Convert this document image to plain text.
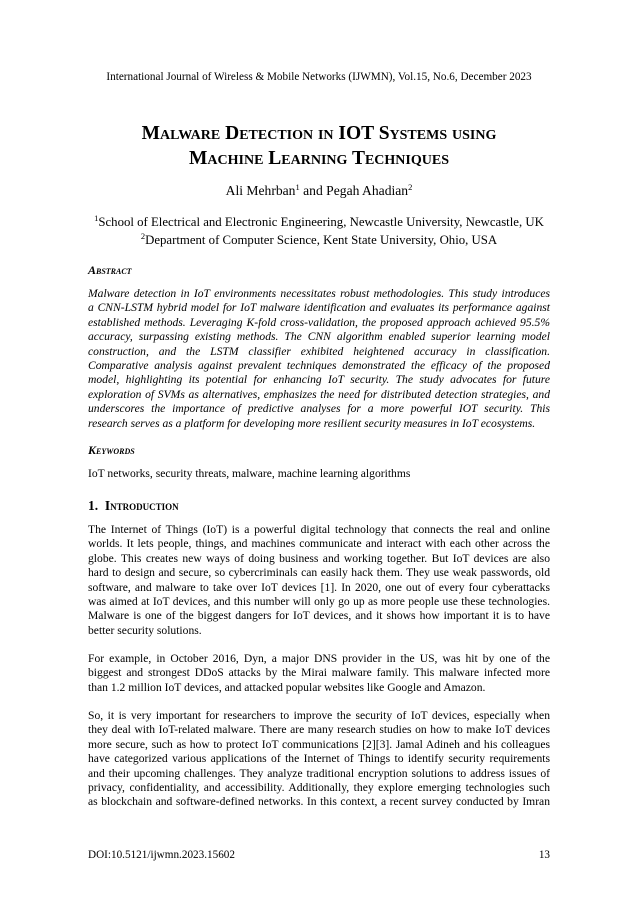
International Journal of Wireless & Mobile Networks (IJWMN), Vol.15, No.6, December 2023
Malware Detection in IOT Systems using
Machine Learning Techniques
Ali Mehrban$^1$ and Pegah Ahadian$^2$
$^1$School of Electrical and Electronic Engineering, Newcastle University, Newcastle, UK
$^2$Department of Computer Science, Kent State University, Ohio, USA
Abstract
Malware detection in IoT environments necessitates robust methodologies. This study introduces
a CNN-LSTM hybrid model for IoT malware identification and evaluates its performance against
established methods. Leveraging K-fold cross-validation, the proposed approach achieved 95.5%
accuracy, surpassing existing methods. The CNN algorithm enabled superior learning model
construction, and the LSTM classifier exhibited heightened accuracy in classification.
Comparative analysis against prevalent techniques demonstrated the efficacy of the proposed
model, highlighting its potential for enhancing IoT security. The study advocates for future
exploration of SVMs as alternatives, emphasizes the need for distributed detection strategies, and
underscores the importance of predictive analyses for a more powerful IOT security. This
research serves as a platform for developing more resilient security measures in IoT ecosystems.
Keywords
IoT networks, security threats, malware, machine learning algorithms
1. Introduction
The Internet of Things (IoT) is a powerful digital technology that connects the real and online
worlds. It lets people, things, and machines communicate and interact with each other across the
globe. This creates new ways of doing business and working together. But IoT devices are also
hard to design and secure, so cybercriminals can easily hack them. They use weak passwords, old
software, and malware to take over IoT devices [1]. In 2020, one out of every four cyberattacks
was aimed at IoT devices, and this number will only go up as more people use these technologies.
Malware is one of the biggest dangers for IoT devices, and it shows how important it is to have
better security solutions.
For example, in October 2016, Dyn, a major DNS provider in the US, was hit by one of the
biggest and strongest DDoS attacks by the Mirai malware family. This malware infected more
than 1.2 million IoT devices, and attacked popular websites like Google and Amazon.
So, it is very important for researchers to improve the security of IoT devices, especially when
they deal with IoT-related malware. There are many research studies on how to make IoT devices
more secure, such as how to protect IoT communications [2][3]. Jamal Adineh and his colleagues
have categorized various applications of the Internet of Things to identify security requirements
and their upcoming challenges. They analyze traditional encryption solutions to address issues of
privacy, confidentiality, and accessibility. Additionally, they explore emerging technologies such
as blockchain and software-defined networks. In this context, a recent survey conducted by Imran
DOI:10.5121/ijwmn.2023.15602	13
